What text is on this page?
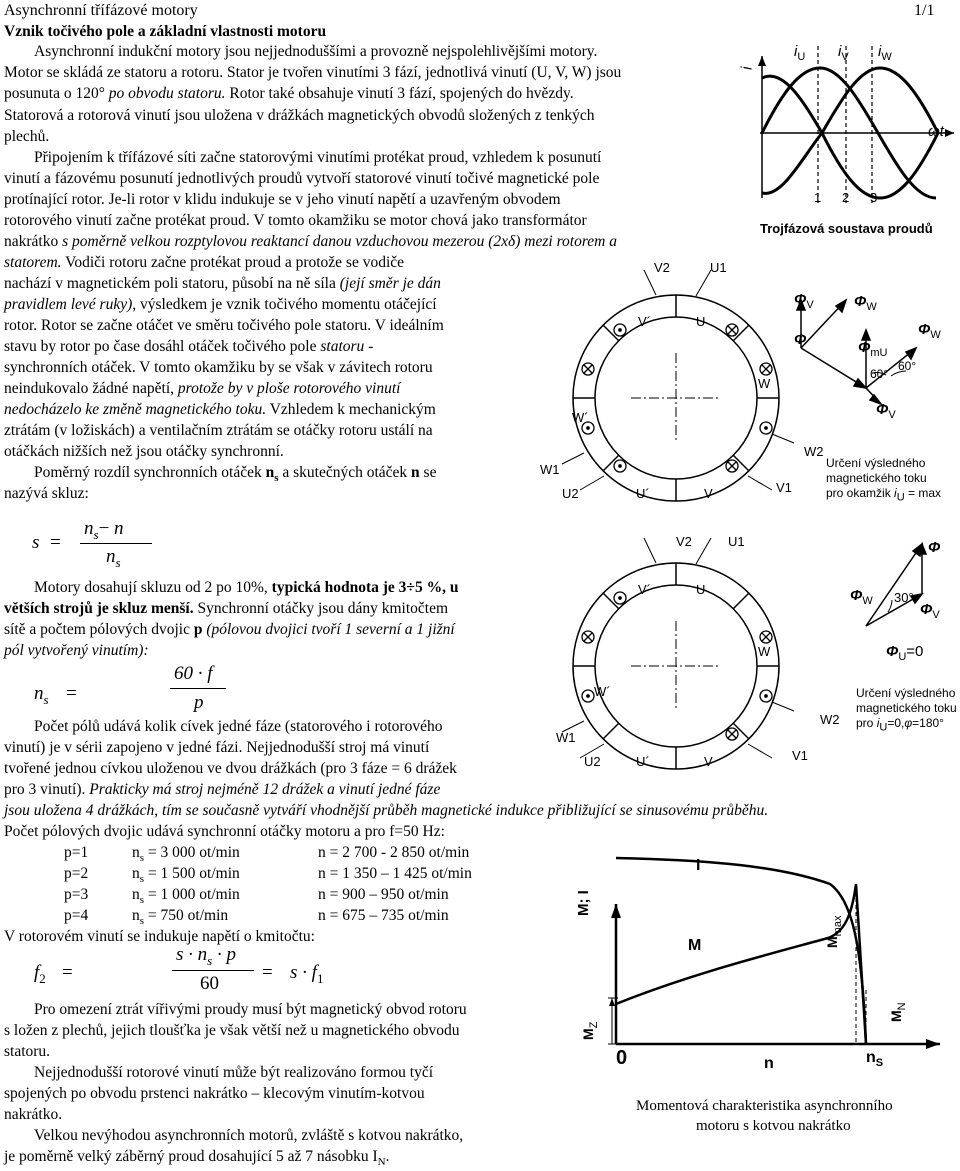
Asynchronní třífázové motory	1/1
Vznik točivého pole a základní vlastnosti motoru
Asynchronní indukční motory jsou nejjednoduššími a provozně nejspolehlivějšími motory.
Motor se skládá ze statoru a rotoru. Stator je tvořen vinutími 3 fází, jednotlivá vinutí (U, V, W) jsou
posunuta o 120° po obvodu statoru. Rotor také obsahuje vinutí 3 fází, spojených do hvězdy.
Statorová a rotorová vinutí jsou uložena v drážkách magnetických obvodů složených z tenkých
plechů.
Připojením k třífázové síti začne statorovými vinutími protékat proud, vzhledem k posunutí
vinutí a fázovému posunutí jednotlivých proudů vytvoří statorové vinutí točivé magnetické pole
protínající rotor. Je-li rotor v klidu indukuje se v jeho vinutí napětí a uzavřeným obvodem
rotorového vinutí začne protékat proud. V tomto okamžiku se motor chová jako transformátor
nakrátko s poměrně velkou rozptylovou reaktancí danou vzduchovou mezerou (2xδ) mezi rotorem a
statorem. Vodiči rotoru začne protékat proud a protože se vodiče
nachází v magnetickém poli statoru, působí na ně síla (její směr je dán
pravidlem levé ruky), výsledkem je vznik točivého momentu otáčející
rotor. Rotor se začne otáčet ve směru točivého pole statoru. V ideálním
stavu by rotor po čase dosáhl otáček točivého pole statoru -
synchronních otáček. V tomto okamžiku by se však v závitech rotoru
neindukovalo žádné napětí, protože by v ploše rotorového vinutí
nedocházelo ke změně magnetického toku. Vzhledem k mechanickým
ztrátám (v ložiskách) a ventilačním ztrátám se otáčky rotoru ustálí na
otáčkách nižších než jsou otáčky synchronní.
Poměrný rozdíl synchronních otáček $n_s$ a skutečných otáček n se
nazývá skluz:
s =
$n_s- n$
$n_s$
Motory dosahují skluzu od 2 po 10%, typická hodnota je 3÷5 %, u
větších strojů je skluz menší. Synchronní otáčky jsou dány kmitočtem
sítě a počtem pólových dvojic p (pólovou dvojici tvoří 1 severní a 1 jižní
pól vytvořený vinutím):
$n_s$ =
60 · f
p
Počet pólů udává kolik cívek jedné fáze (statorového i rotorového
vinutí) je v sérii zapojeno v jedné fázi. Nejjednodušší stroj má vinutí
tvořené jednou cívkou uloženou ve dvou drážkách (pro 3 fáze = 6 drážek
pro 3 vinutí). Prakticky má stroj nejméně 12 drážek a vinutí jedné fáze
jsou uložena 4 drážkách, tím se současně vytváří vhodnější průběh magnetické indukce přibližující se sinusovému průběhu.
Počet pólových dvojic udává synchronní otáčky motoru a pro f=50 Hz:
p=1	$n_s = 3$ 000 ot/min	n = 2 700 - 2 850 ot/min
p=2	$n_s = 1$ 500 ot/min	n = 1 350 – 1 425 ot/min
p=3	$n_s = 1$ 000 ot/min	n = 900 – 950 ot/min
p=4	$n_s = 750$ ot/min	n = 675 – 735 ot/min
V rotorovém vinutí se indukuje napětí o kmitočtu:
$f_2$ =
$s \cdot n_s \cdot p$
60
= $s \cdot f_1$
Pro omezení ztrát vířivými proudy musí být magnetický obvod rotoru
s ložen z plechů, jejich tloušťka je však větší než u magnetického obvodu
statoru.
Nejjednodušší rotorové vinutí může být realizováno formou tyčí
spojených po obvodu prstenci nakrátko – klecovým vinutím-kotvou
nakrátko.
Velkou nevýhodou asynchronních motorů, zvláště s kotvou nakrátko,
je poměrně velký záběrný proud dosahující 5 až 7 násobku $I_N$.
$i_U$ $i_V$ $i_W$
i
ωt
1 2 3
Trojfázová soustava proudů
V2	U1
V´	U
W
W´
W2
W1
U´	V
U2	V1
$\Phi_V$	$\Phi_W$
Φ	$\Phi_{mU}$
$\Phi_W$
$\Phi_V$
60°
60°
Určení výsledného
magnetického toku
pro okamžik $i_U = \max$
V2	U1
V´	U
W
W´
W2
W1
U´	V
U2	V1
Φ
$\Phi_W$	$\Phi_V$
30°
$\Phi_U=0$
Určení výsledného
magnetického toku
pro $i_U=0,\varphi=180^\circ$
M; I
I
M	$M_{max}$
$M_N$
$M_Z$
0	n	$n_S$
Momentová charakteristika asynchronního
motoru s kotvou nakrátko
